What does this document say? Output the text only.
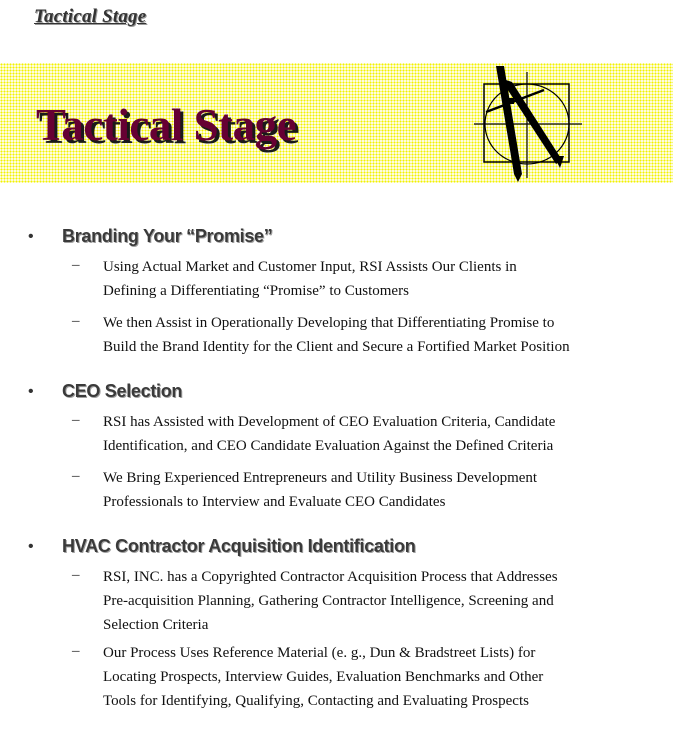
Tactical Stage
Tactical Stage
• Branding Your “Promise”
– Using Actual Market and Customer Input, RSI Assists Our Clients in
Defining a Differentiating “Promise” to Customers
– We then Assist in Operationally Developing that Differentiating Promise to
Build the Brand Identity for the Client and Secure a Fortified Market Position
• CEO Selection
– RSI has Assisted with Development of CEO Evaluation Criteria, Candidate
Identification, and CEO Candidate Evaluation Against the Defined Criteria
– We Bring Experienced Entrepreneurs and Utility Business Development
Professionals to Interview and Evaluate CEO Candidates
• HVAC Contractor Acquisition Identification
– RSI, INC. has a Copyrighted Contractor Acquisition Process that Addresses
Pre-acquisition Planning, Gathering Contractor Intelligence, Screening and
Selection Criteria
– Our Process Uses Reference Material (e. g., Dun & Bradstreet Lists) for
Locating Prospects, Interview Guides, Evaluation Benchmarks and Other
Tools for Identifying, Qualifying, Contacting and Evaluating Prospects
